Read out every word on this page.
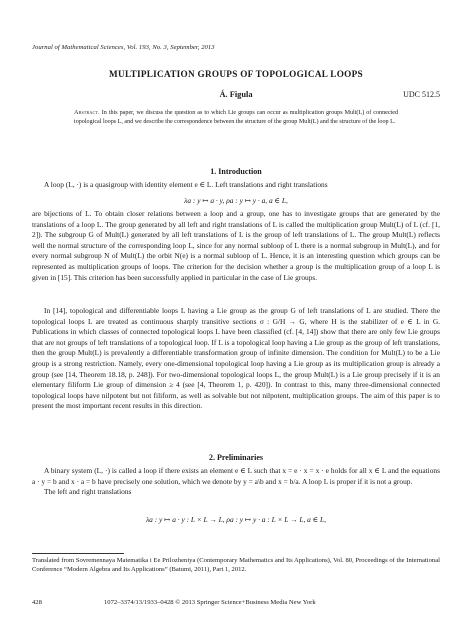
Journal of Mathematical Sciences, Vol. 193, No. 3, September, 2013
MULTIPLICATION GROUPS OF TOPOLOGICAL LOOPS
Á. Figula	UDC 512.5
Abstract. In this paper, we discuss the question as to which Lie groups can occur as multiplication groups Mult(L) of connected topological loops L, and we describe the correspondence between the structure of the group Mult(L) and the structure of the loop L.
1. Introduction

A loop (L, ·) is a quasigroup with identity element e ∈ L. Left translations and right translations

λa : y ↦ a · y, ρa : y ↦ y · a, a ∈ L,

are bijections of L. To obtain closer relations between a loop and a group, one has to investigate groups that are generated by the translations of a loop L. The group generated by all left and right translations of L is called the multiplication group Mult(L) of L (cf. [1, 2]). The subgroup G of Mult(L) generated by all left translations of L is the group of left translations of L. The group Mult(L) reflects well the normal structure of the corresponding loop L, since for any normal subloop of L there is a normal subgroup in Mult(L), and for every normal subgroup N of Mult(L) the orbit N(e) is a normal subloop of L. Hence, it is an interesting question which groups can be represented as multiplication groups of loops. The criterion for the decision whether a group is the multiplication group of a loop L is given in [15]. This criterion has been successfully applied in particular in the case of Lie groups.

In [14], topological and differentiable loops L having a Lie group as the group G of left translations of L are studied. There the topological loops L are treated as continuous sharply transitive sections σ : G/H → G, where H is the stabilizer of e ∈ L in G. Publications in which classes of connected topological loops L have been classified (cf. [4, 14]) show that there are only few Lie groups that are not groups of left translations of a topological loop. If L is a topological loop having a Lie group as the group of left translations, then the group Mult(L) is prevalently a differentiable transformation group of infinite dimension. The condition for Mult(L) to be a Lie group is a strong restriction. Namely, every one-dimensional topological loop having a Lie group as its multiplication group is already a group (see [14, Theorem 18.18, p. 248]). For two-dimensional topological loops L, the group Mult(L) is a Lie group precisely if it is an elementary filiform Lie group of dimension ≥ 4 (see [4, Theorem 1, p. 420]). In contrast to this, many three-dimensional connected topological loops have nilpotent but not filiform, as well as solvable but not nilpotent, multiplication groups. The aim of this paper is to present the most important recent results in this direction.

2. Preliminaries

A binary system (L, ·) is called a loop if there exists an element e ∈ L such that x = e · x = x · e holds for all x ∈ L and the equations a · y = b and x · a = b have precisely one solution, which we denote by y = a\b and x = b/a. A loop L is proper if it is not a group.

The left and right translations

λa : y ↦ a · y : L × L → L, ρa : y ↦ y · a : L × L → L, a ∈ L,
Translated from Sovremennaya Matematika i Ee Prilozheniya (Contemporary Mathematics and Its Applications), Vol. 80, Proceedings of the International Conference “Modern Algebra and Its Applications” (Batumi, 2011), Part 1, 2012.
428	1072–3374/13/1933–0428 © 2013 Springer Science+Business Media New York
